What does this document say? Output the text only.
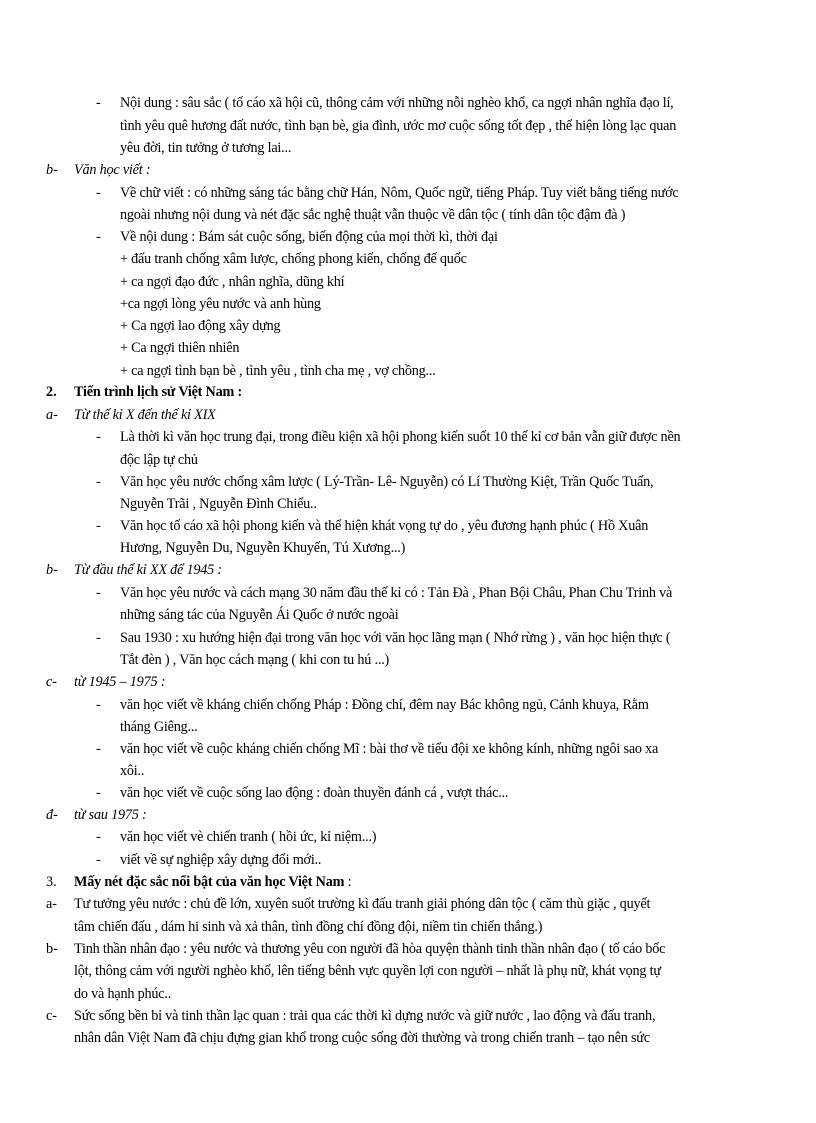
- Nội dung : sâu sắc ( tố cáo xã hội cũ, thông cảm với những nỗi nghèo khổ, ca ngợi nhân nghĩa đạo lí,
tình yêu quê hương đất nước, tình bạn bè, gia đình, ước mơ cuộc sống tốt đẹp , thể hiện lòng lạc quan
yêu đời, tin tưởng ở tương lai...
b- Văn học viết :
- Về chữ viết : có những sáng tác bằng chữ Hán, Nôm, Quốc ngữ, tiếng Pháp. Tuy viết bằng tiếng nước
ngoài nhưng nội dung và nét đặc sắc nghệ thuật vẫn thuộc về dân tộc ( tính dân tộc đậm đà )
- Về nội dung : Bám sát cuộc sống, biến động của mọi thời kì, thời đại
+ đấu tranh chống xâm lược, chống phong kiến, chống đế quốc
+ ca ngợi đạo đức , nhân nghĩa, dũng khí
+ca ngợi lòng yêu nước và anh hùng
+ Ca ngợi lao động xây dựng
+ Ca ngợi thiên nhiên
+ ca ngợi tình bạn bè , tình yêu , tình cha mẹ , vợ chồng...
2. Tiến trình lịch sử Việt Nam :
a- Từ thế kỉ X đến thế kỉ XIX
- Là thời kì văn học trung đại, trong điều kiện xã hội phong kiến suốt 10 thế kỉ cơ bản vẫn giữ được nền
độc lập tự chủ
- Văn học yêu nước chống xâm lược ( Lý-Trần- Lê- Nguyễn) có Lí Thường Kiệt, Trần Quốc Tuấn,
Nguyễn Trãi , Nguyễn Đình Chiểu..
- Văn học tố cáo xã hội phong kiến và thể hiện khát vọng tự do , yêu đương hạnh phúc ( Hồ Xuân
Hương, Nguyễn Du, Nguyễn Khuyến, Tú Xương...)
b- Từ đầu thế kỉ XX để 1945 :
- Văn học yêu nước và cách mạng 30 năm đầu thế kỉ có : Tản Đà , Phan Bội Châu, Phan Chu Trinh và
những sáng tác của Nguyễn Ái Quốc ở nước ngoài
- Sau 1930 : xu hướng hiện đại trong văn học với văn học lãng mạn ( Nhớ rừng ) , văn học hiện thực (
Tắt đèn ) , Văn học cách mạng ( khi con tu hú ...)
c- từ 1945 – 1975 :
- văn học viết về kháng chiến chống Pháp : Đồng chí, đêm nay Bác không ngủ, Cảnh khuya, Rằm
tháng Giêng...
- văn học viết về cuộc kháng chiến chống Mĩ : bài thơ về tiểu đội xe không kính, những ngôi sao xa
xôi..
- văn học viết về cuộc sống lao động : đoàn thuyền đánh cá , vượt thác...
đ- từ sau 1975 :
- văn học viết vè chiến tranh ( hồi ức, kỉ niệm...)
- viết về sự nghiệp xây dựng đổi mới..
3. Mấy nét đặc sắc nổi bật của văn học Việt Nam :
a- Tư tưởng yêu nước : chủ đề lớn, xuyên suốt trường kì đấu tranh giải phóng dân tộc ( căm thù giặc , quyết
tâm chiến đấu , dám hi sinh và xả thân, tình đồng chí đồng đội, niềm tin chiến thắng.)
b- Tinh thần nhân đạo : yêu nước và thương yêu con người đã hòa quyện thành tinh thần nhân đạo ( tố cáo bốc
lột, thông cảm với người nghèo khổ, lên tiếng bênh vực quyền lợi con người – nhất là phụ nữ, khát vọng tự
do và hạnh phúc..
c- Sức sống bền bỉ và tinh thần lạc quan : trải qua các thời kì dựng nước và giữ nước , lao động và đấu tranh,
nhân dân Việt Nam đã chịu đựng gian khổ trong cuộc sống đời thường và trong chiến tranh – tạo nên sức
